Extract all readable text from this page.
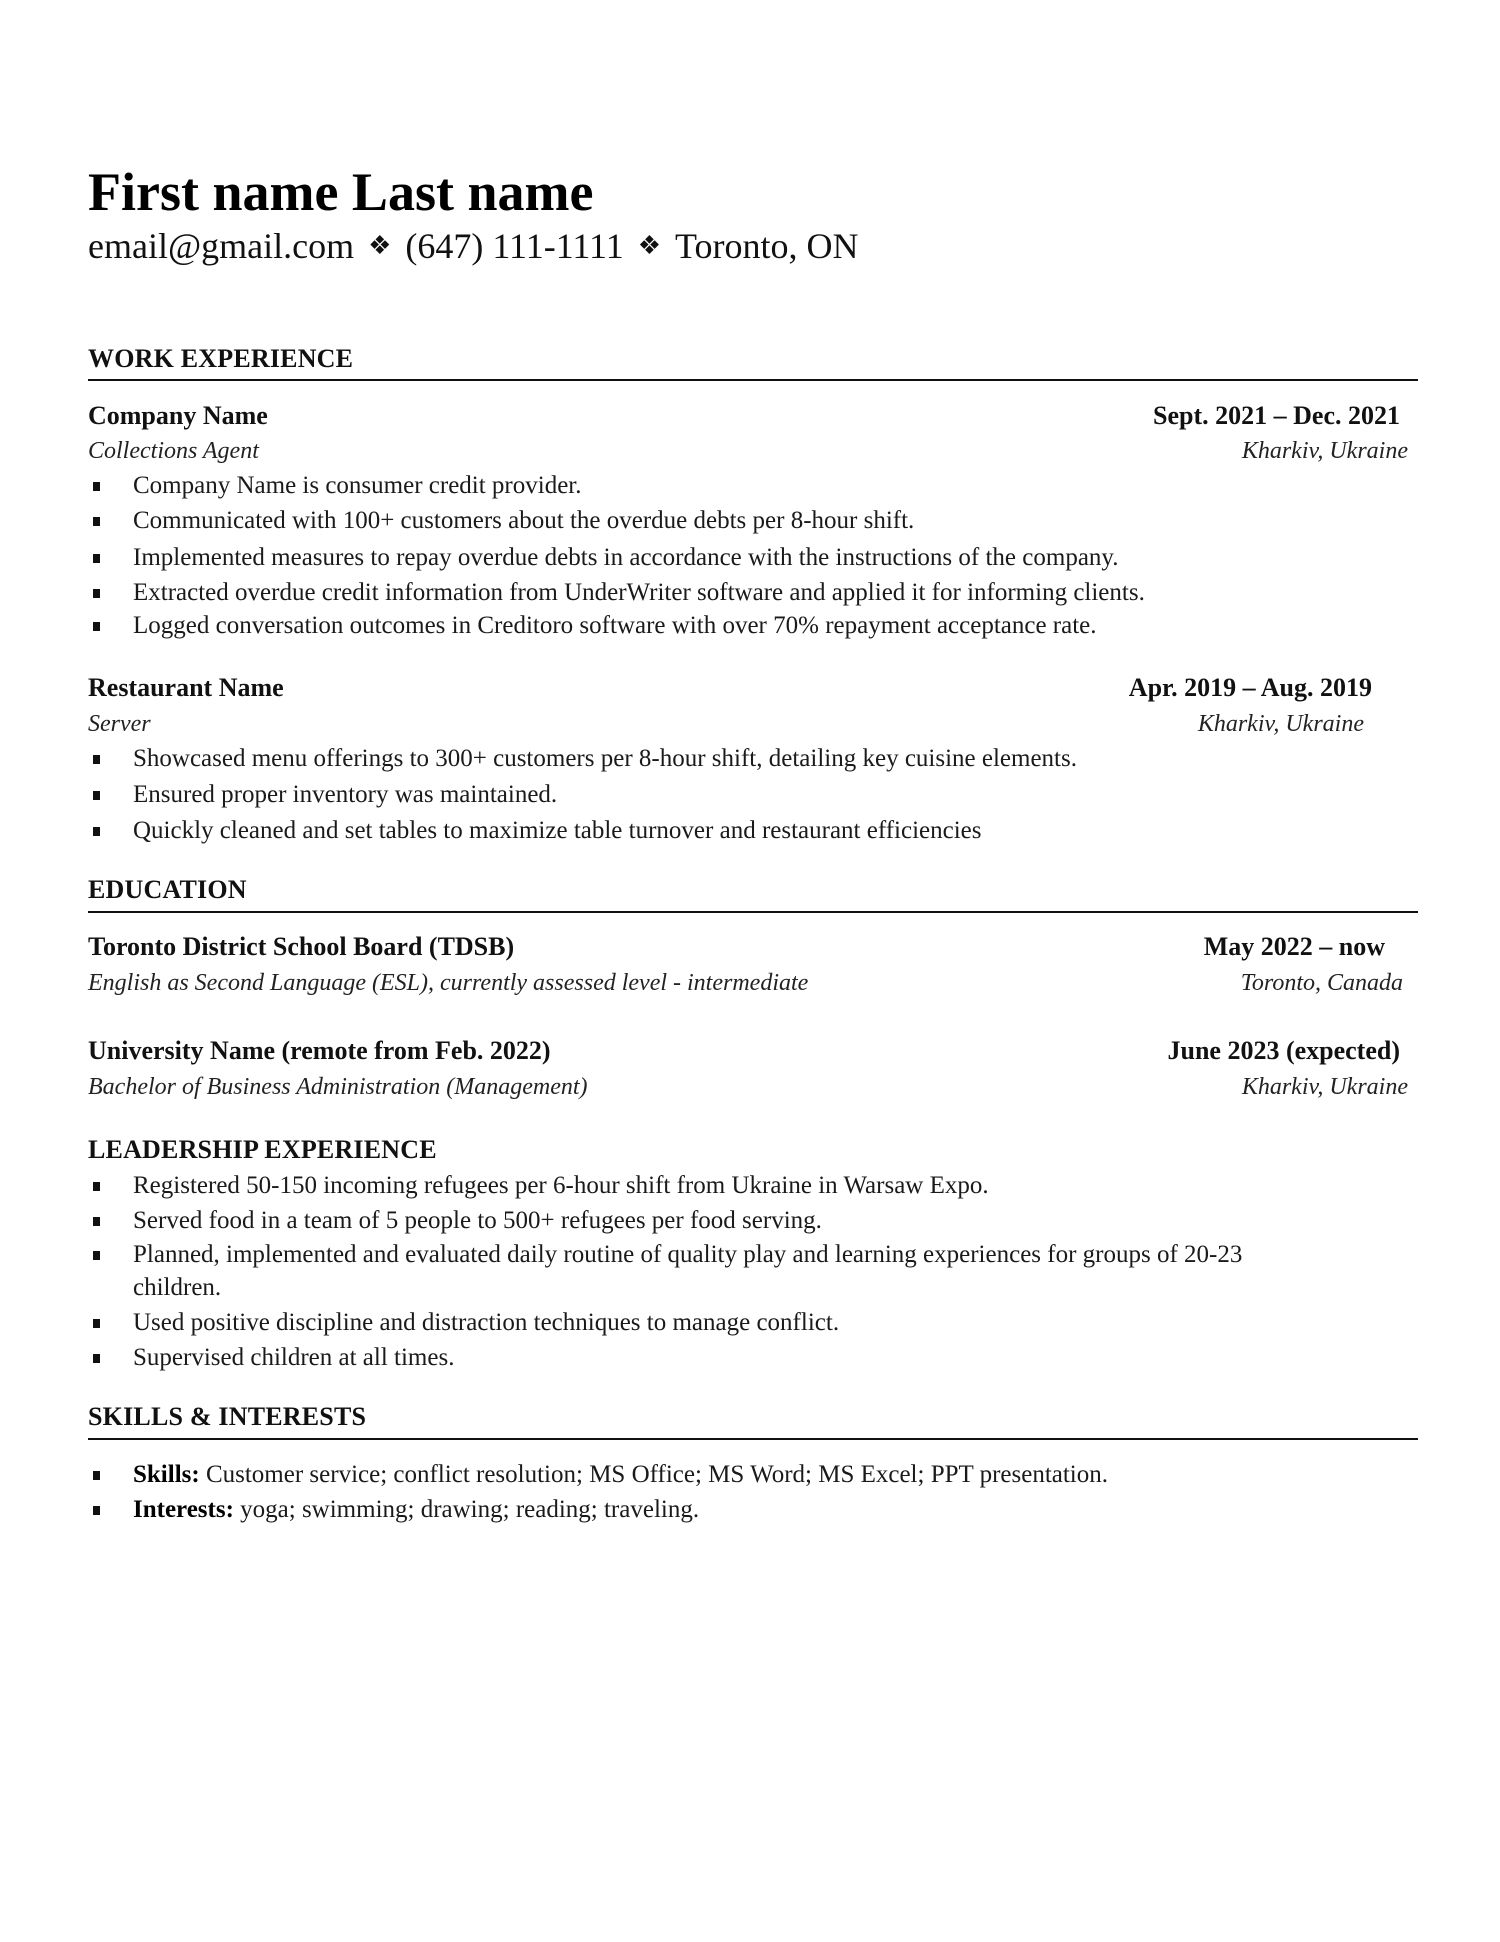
First name Last name
email@gmail.com ❖ (647) 111-1111 ❖ Toronto, ON
WORK EXPERIENCE
Company Name	Sept. 2021 – Dec. 2021
Collections Agent	Kharkiv, Ukraine
Company Name is consumer credit provider.
Communicated with 100+ customers about the overdue debts per 8-hour shift.
Implemented measures to repay overdue debts in accordance with the instructions of the company.
Extracted overdue credit information from UnderWriter software and applied it for informing clients.
Logged conversation outcomes in Creditoro software with over 70% repayment acceptance rate.
Restaurant Name	Apr. 2019 – Aug. 2019
Server	Kharkiv, Ukraine
Showcased menu offerings to 300+ customers per 8-hour shift, detailing key cuisine elements.
Ensured proper inventory was maintained.
Quickly cleaned and set tables to maximize table turnover and restaurant efficiencies
EDUCATION
Toronto District School Board (TDSB)	May 2022 – now
English as Second Language (ESL), currently assessed level - intermediate	Toronto, Canada
University Name (remote from Feb. 2022)	June 2023 (expected)
Bachelor of Business Administration (Management)	Kharkiv, Ukraine
LEADERSHIP EXPERIENCE
Registered 50-150 incoming refugees per 6-hour shift from Ukraine in Warsaw Expo.
Served food in a team of 5 people to 500+ refugees per food serving.
Planned, implemented and evaluated daily routine of quality play and learning experiences for groups of 20-23
children.
Used positive discipline and distraction techniques to manage conflict.
Supervised children at all times.
SKILLS & INTERESTS
Skills: Customer service; conflict resolution; MS Office; MS Word; MS Excel; PPT presentation.
Interests: yoga; swimming; drawing; reading; traveling.
